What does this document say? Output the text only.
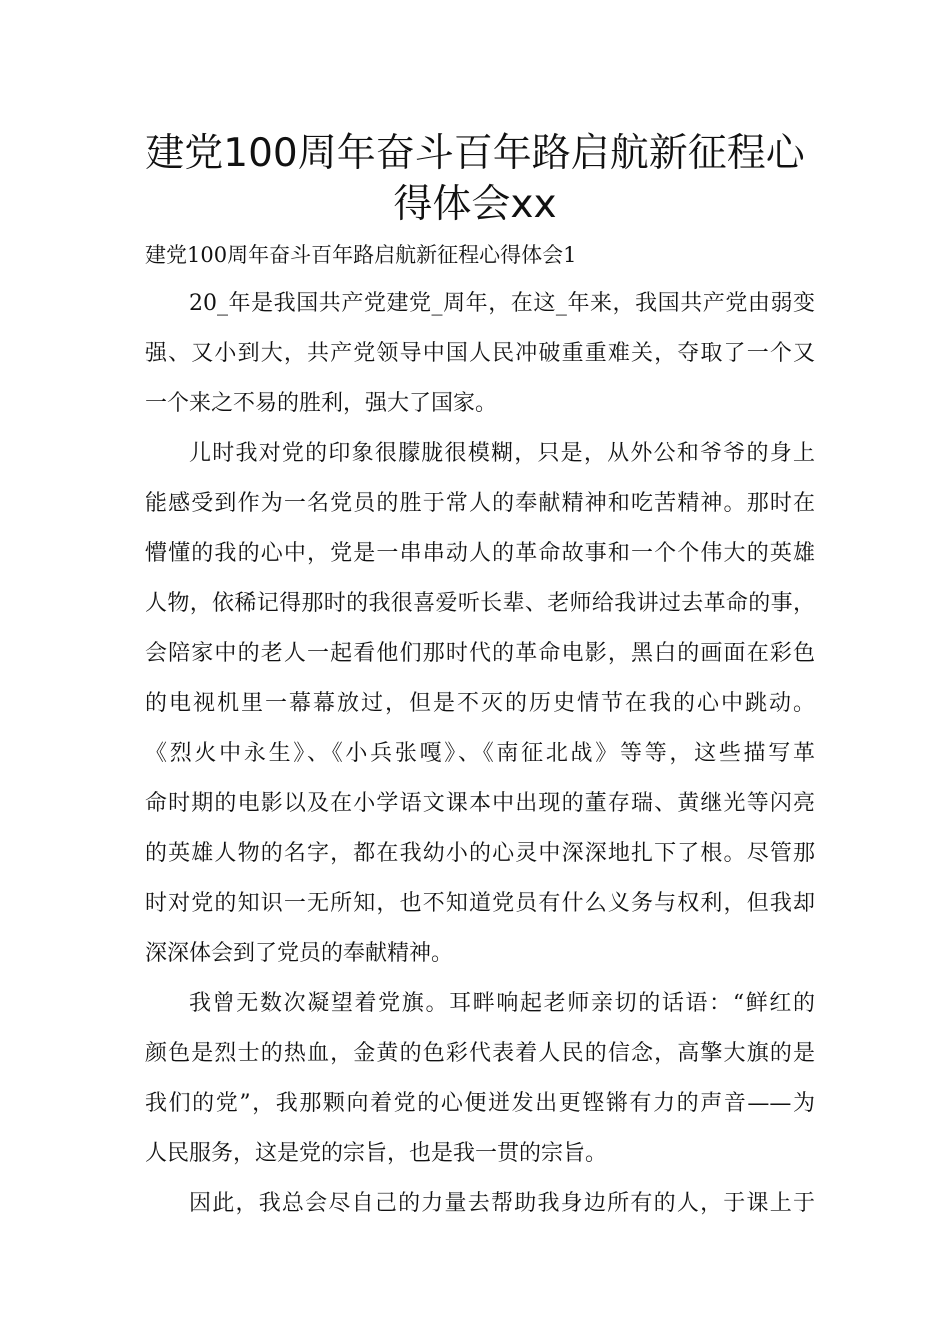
建党100周年奋斗百年路启航新征程心
得体会xx
建党100周年奋斗百年路启航新征程心得体会1
20_年是我国共产党建党_周年，在这_年来，我国共产党由弱变
强、又小到大，共产党领导中国人民冲破重重难关，夺取了一个又
一个来之不易的胜利，强大了国家。
儿时我对党的印象很朦胧很模糊，只是，从外公和爷爷的身上
能感受到作为一名党员的胜于常人的奉献精神和吃苦精神。那时在
懵懂的我的心中，党是一串串动人的革命故事和一个个伟大的英雄
人物，依稀记得那时的我很喜爱听长辈、老师给我讲过去革命的事，
会陪家中的老人一起看他们那时代的革命电影，黑白的画面在彩色
的电视机里一幕幕放过，但是不灭的历史情节在我的心中跳动。
《烈火中永生》、《小兵张嘎》、《南征北战》等等，这些描写革
命时期的电影以及在小学语文课本中出现的董存瑞、黄继光等闪亮
的英雄人物的名字，都在我幼小的心灵中深深地扎下了根。尽管那
时对党的知识一无所知，也不知道党员有什么义务与权利，但我却
深深体会到了党员的奉献精神。
我曾无数次凝望着党旗。耳畔响起老师亲切的话语：“鲜红的
颜色是烈士的热血，金黄的色彩代表着人民的信念，高擎大旗的是
我们的党”，我那颗向着党的心便迸发出更铿锵有力的声音——为
人民服务，这是党的宗旨，也是我一贯的宗旨。
因此，我总会尽自己的力量去帮助我身边所有的人，于课上于
